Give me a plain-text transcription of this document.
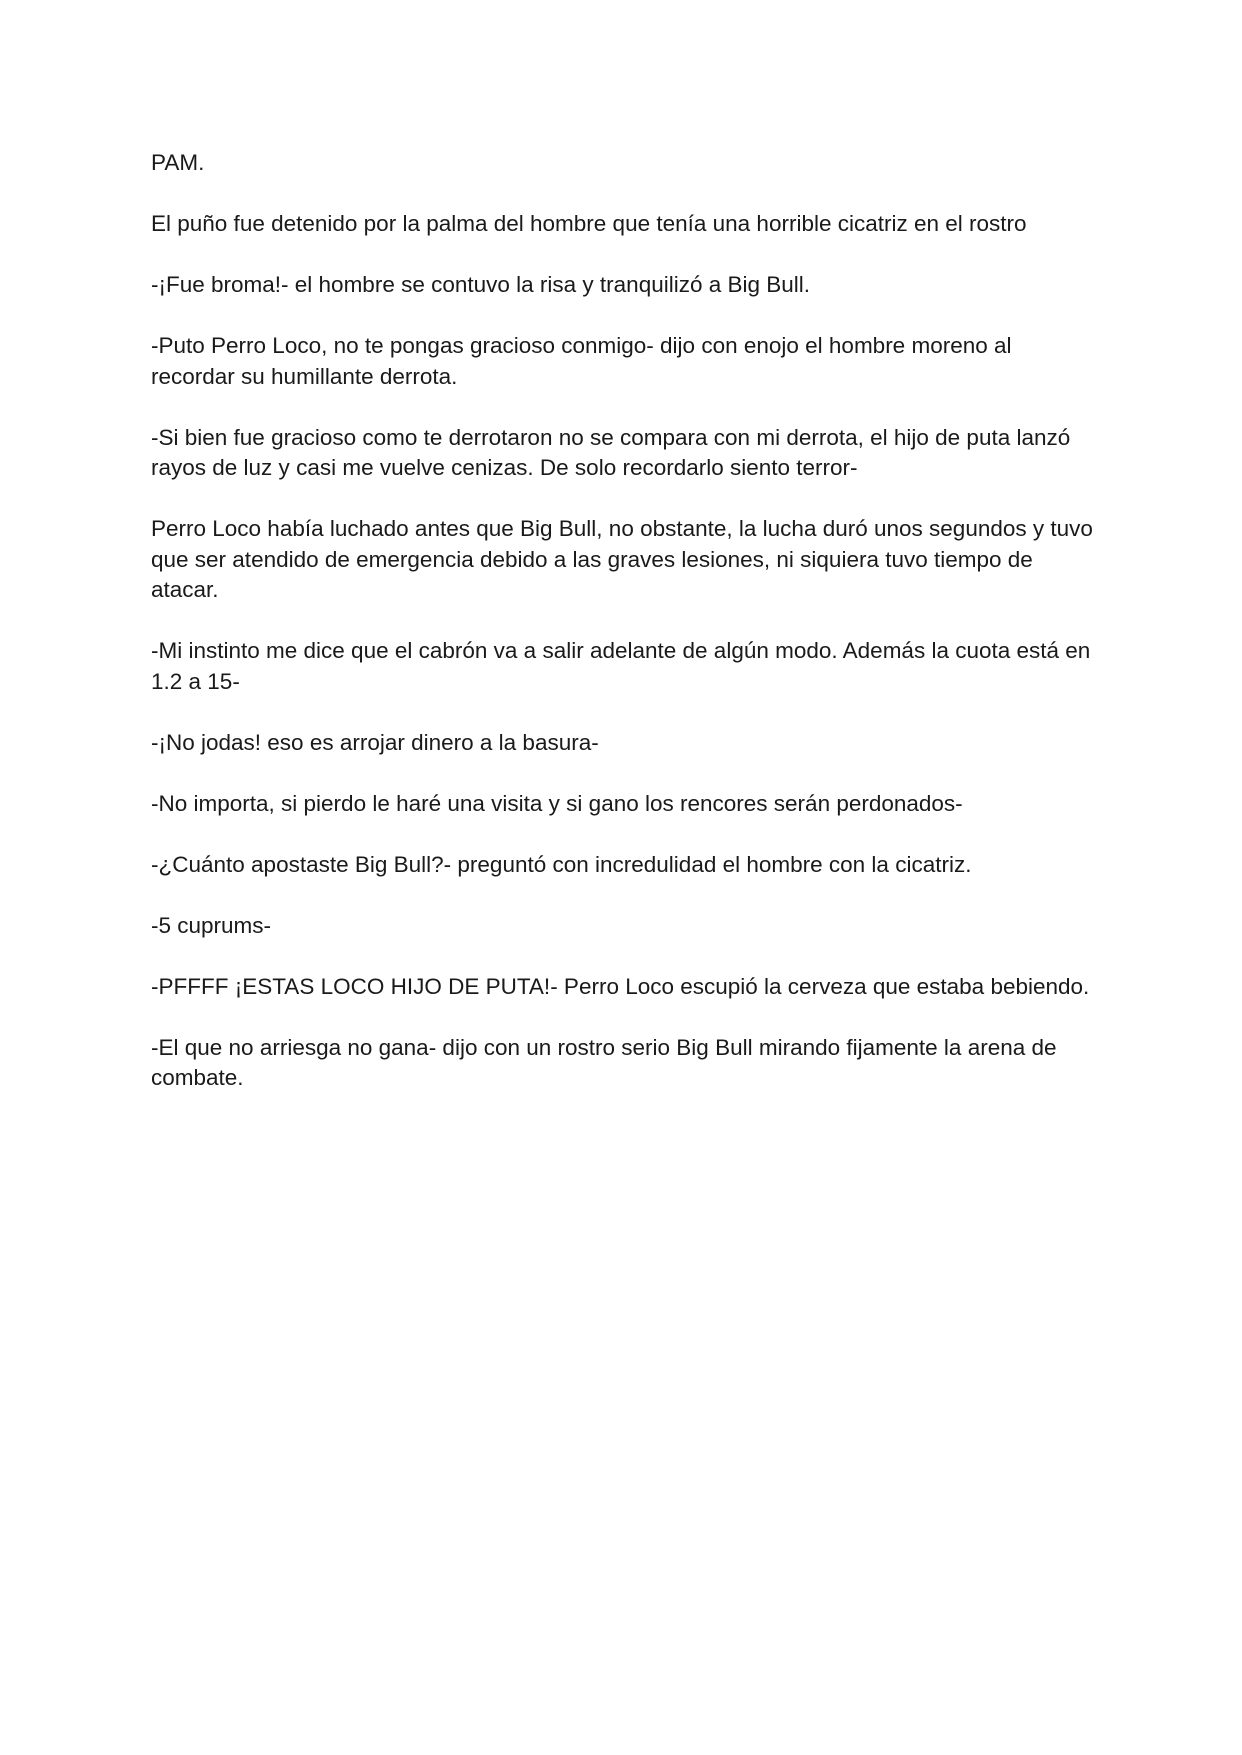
PAM.

El puño fue detenido por la palma del hombre que tenía una horrible cicatriz en el rostro

-¡Fue broma!- el hombre se contuvo la risa y tranquilizó a Big Bull.

-Puto Perro Loco, no te pongas gracioso conmigo- dijo con enojo el hombre moreno al recordar su humillante derrota.

-Si bien fue gracioso como te derrotaron no se compara con mi derrota, el hijo de puta lanzó rayos de luz y casi me vuelve cenizas. De solo recordarlo siento terror-

Perro Loco había luchado antes que Big Bull, no obstante, la lucha duró unos segundos y tuvo que ser atendido de emergencia debido a las graves lesiones, ni siquiera tuvo tiempo de atacar.

-Mi instinto me dice que el cabrón va a salir adelante de algún modo. Además la cuota está en 1.2 a 15-

-¡No jodas! eso es arrojar dinero a la basura-

-No importa, si pierdo le haré una visita y si gano los rencores serán perdonados-

-¿Cuánto apostaste Big Bull?- preguntó con incredulidad el hombre con la cicatriz.

-5 cuprums-

-PFFFF ¡ESTAS LOCO HIJO DE PUTA!- Perro Loco escupió la cerveza que estaba bebiendo.

-El que no arriesga no gana- dijo con un rostro serio Big Bull mirando fijamente la arena de combate.
